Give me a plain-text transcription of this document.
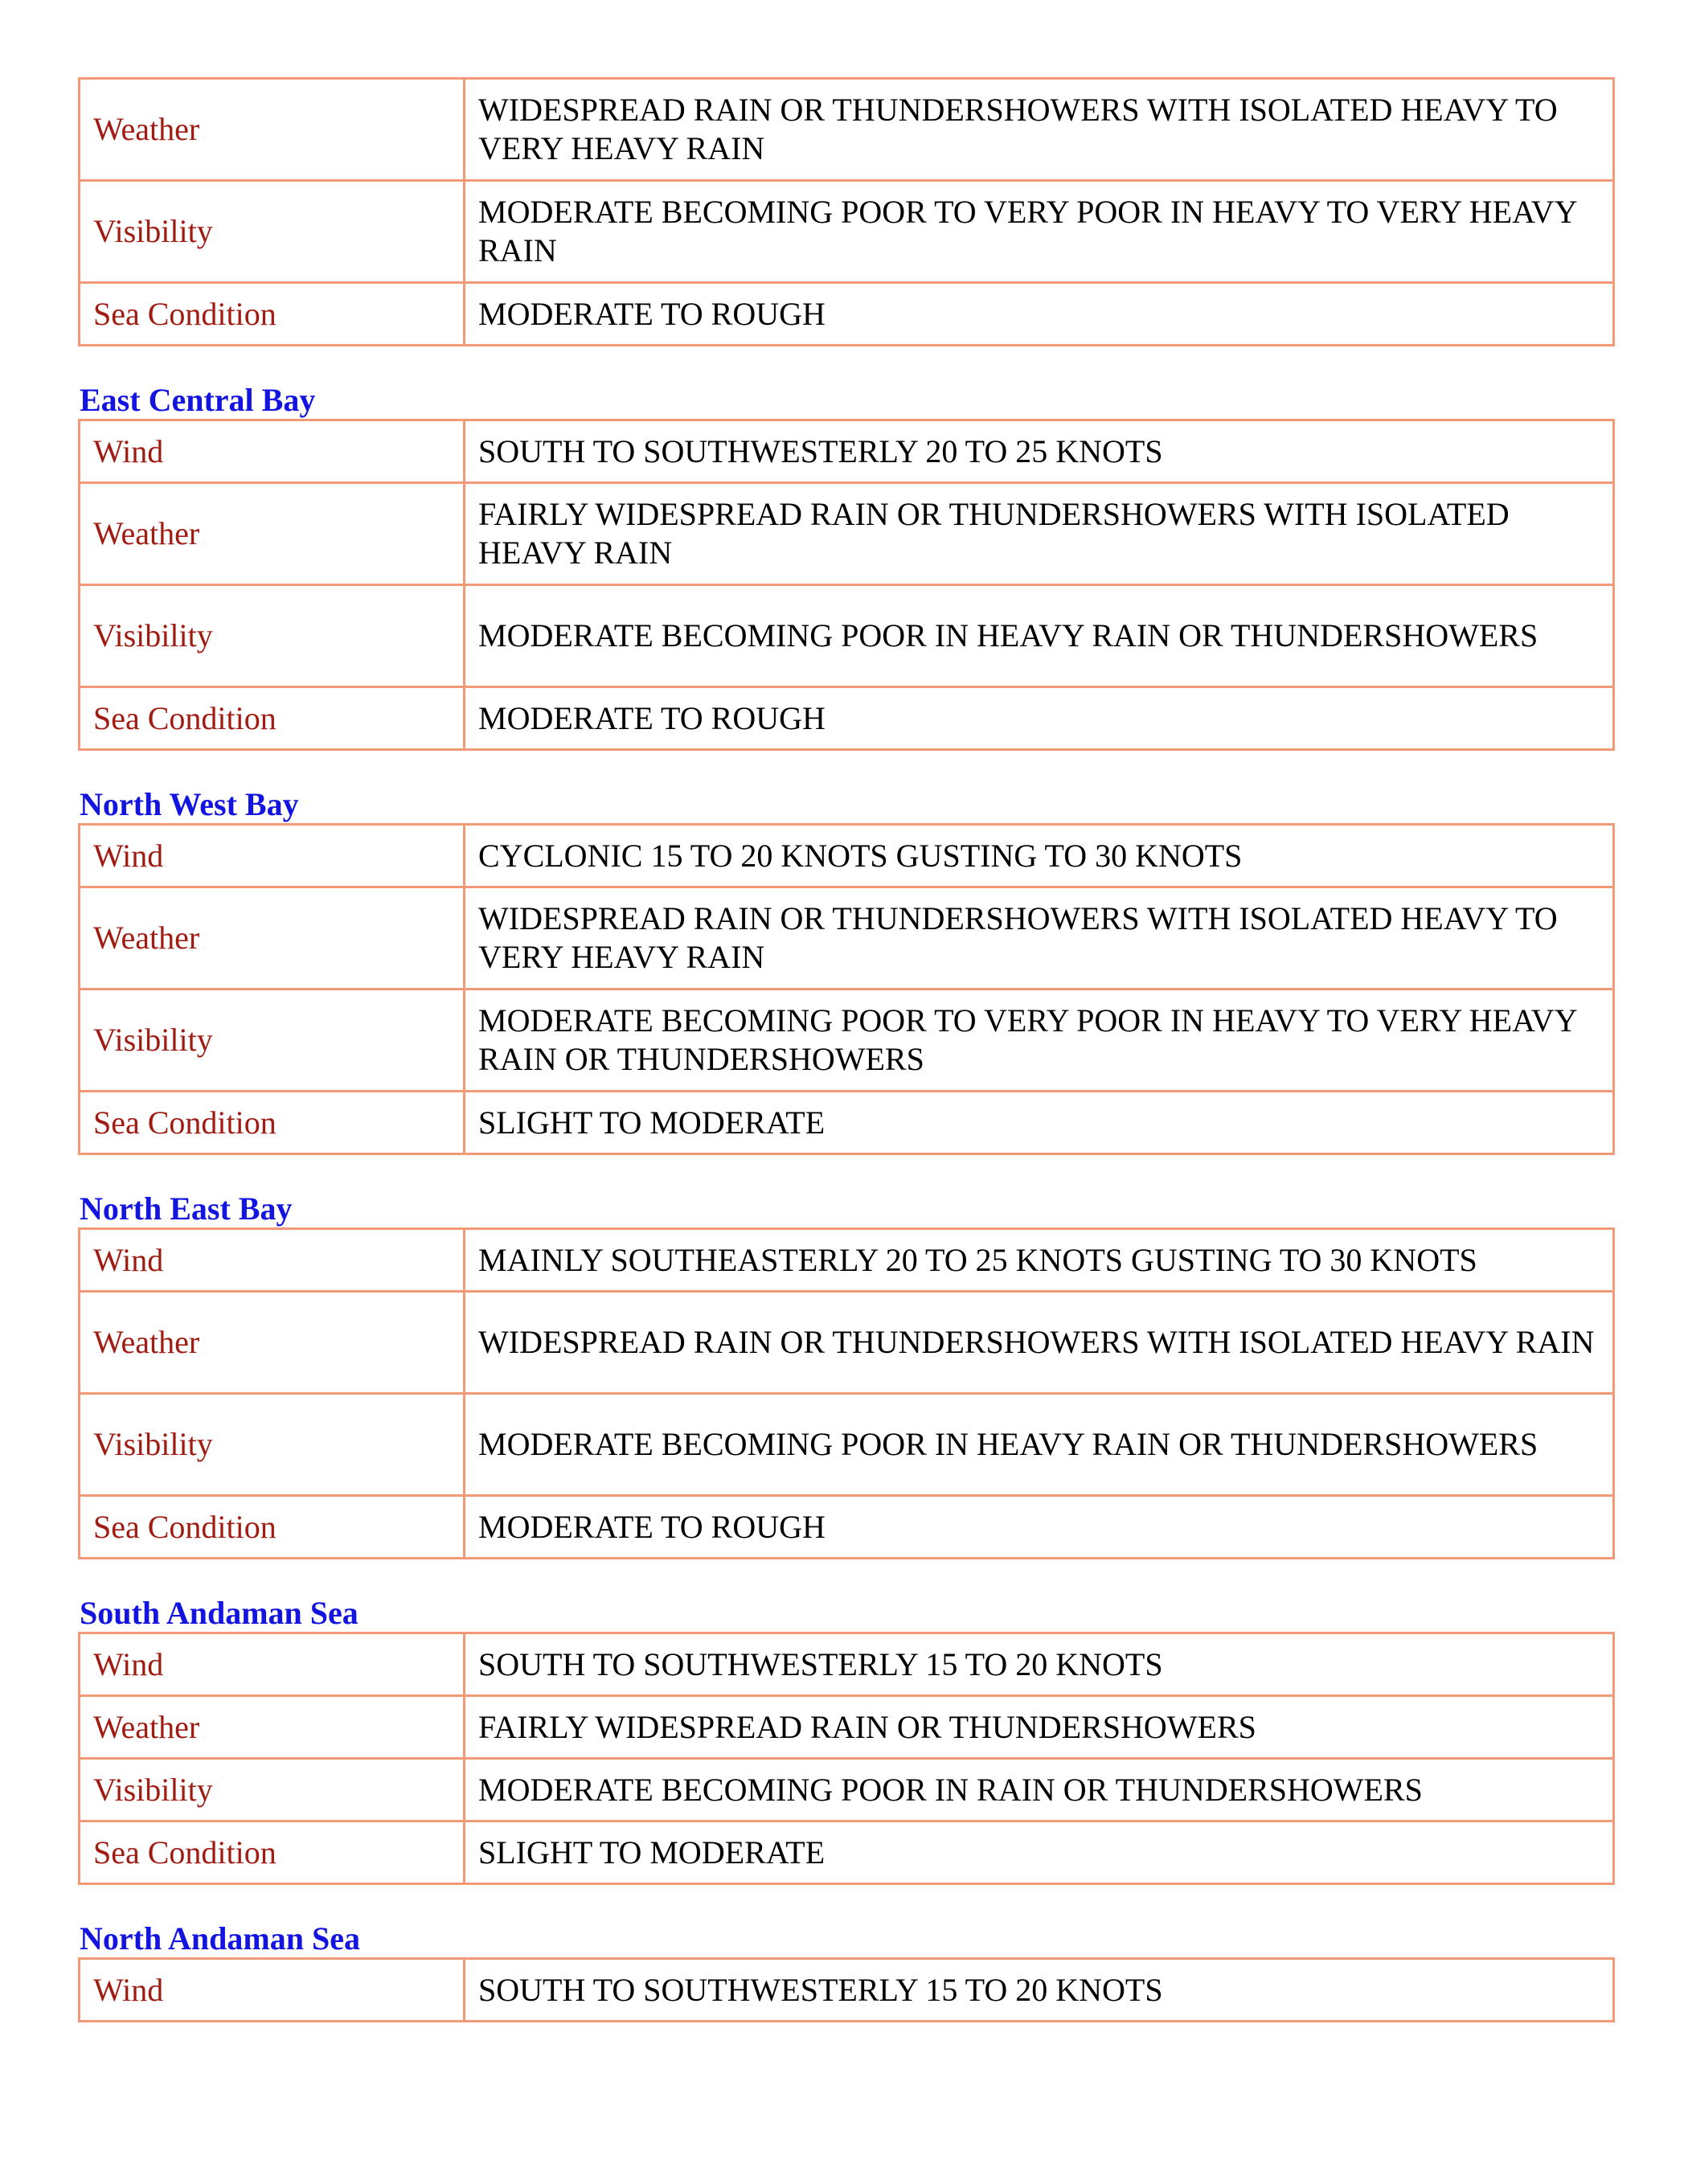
Weather	WIDESPREAD RAIN OR THUNDERSHOWERS WITH ISOLATED HEAVY TO VERY HEAVY RAIN
Visibility	MODERATE BECOMING POOR TO VERY POOR IN HEAVY TO VERY HEAVY RAIN
Sea Condition	MODERATE TO ROUGH
East Central Bay
Wind	SOUTH TO SOUTHWESTERLY 20 TO 25 KNOTS
Weather	FAIRLY WIDESPREAD RAIN OR THUNDERSHOWERS WITH ISOLATED HEAVY RAIN
Visibility	MODERATE BECOMING POOR IN HEAVY RAIN OR THUNDERSHOWERS
Sea Condition	MODERATE TO ROUGH
North West Bay
Wind	CYCLONIC 15 TO 20 KNOTS GUSTING TO 30 KNOTS
Weather	WIDESPREAD RAIN OR THUNDERSHOWERS WITH ISOLATED HEAVY TO VERY HEAVY RAIN
Visibility	MODERATE BECOMING POOR TO VERY POOR IN HEAVY TO VERY HEAVY RAIN OR THUNDERSHOWERS
Sea Condition	SLIGHT TO MODERATE
North East Bay
Wind	MAINLY SOUTHEASTERLY 20 TO 25 KNOTS GUSTING TO 30 KNOTS
Weather	WIDESPREAD RAIN OR THUNDERSHOWERS WITH ISOLATED HEAVY RAIN
Visibility	MODERATE BECOMING POOR IN HEAVY RAIN OR THUNDERSHOWERS
Sea Condition	MODERATE TO ROUGH
South Andaman Sea
Wind	SOUTH TO SOUTHWESTERLY 15 TO 20 KNOTS
Weather	FAIRLY WIDESPREAD RAIN OR THUNDERSHOWERS
Visibility	MODERATE BECOMING POOR IN RAIN OR THUNDERSHOWERS
Sea Condition	SLIGHT TO MODERATE
North Andaman Sea
Wind	SOUTH TO SOUTHWESTERLY 15 TO 20 KNOTS
